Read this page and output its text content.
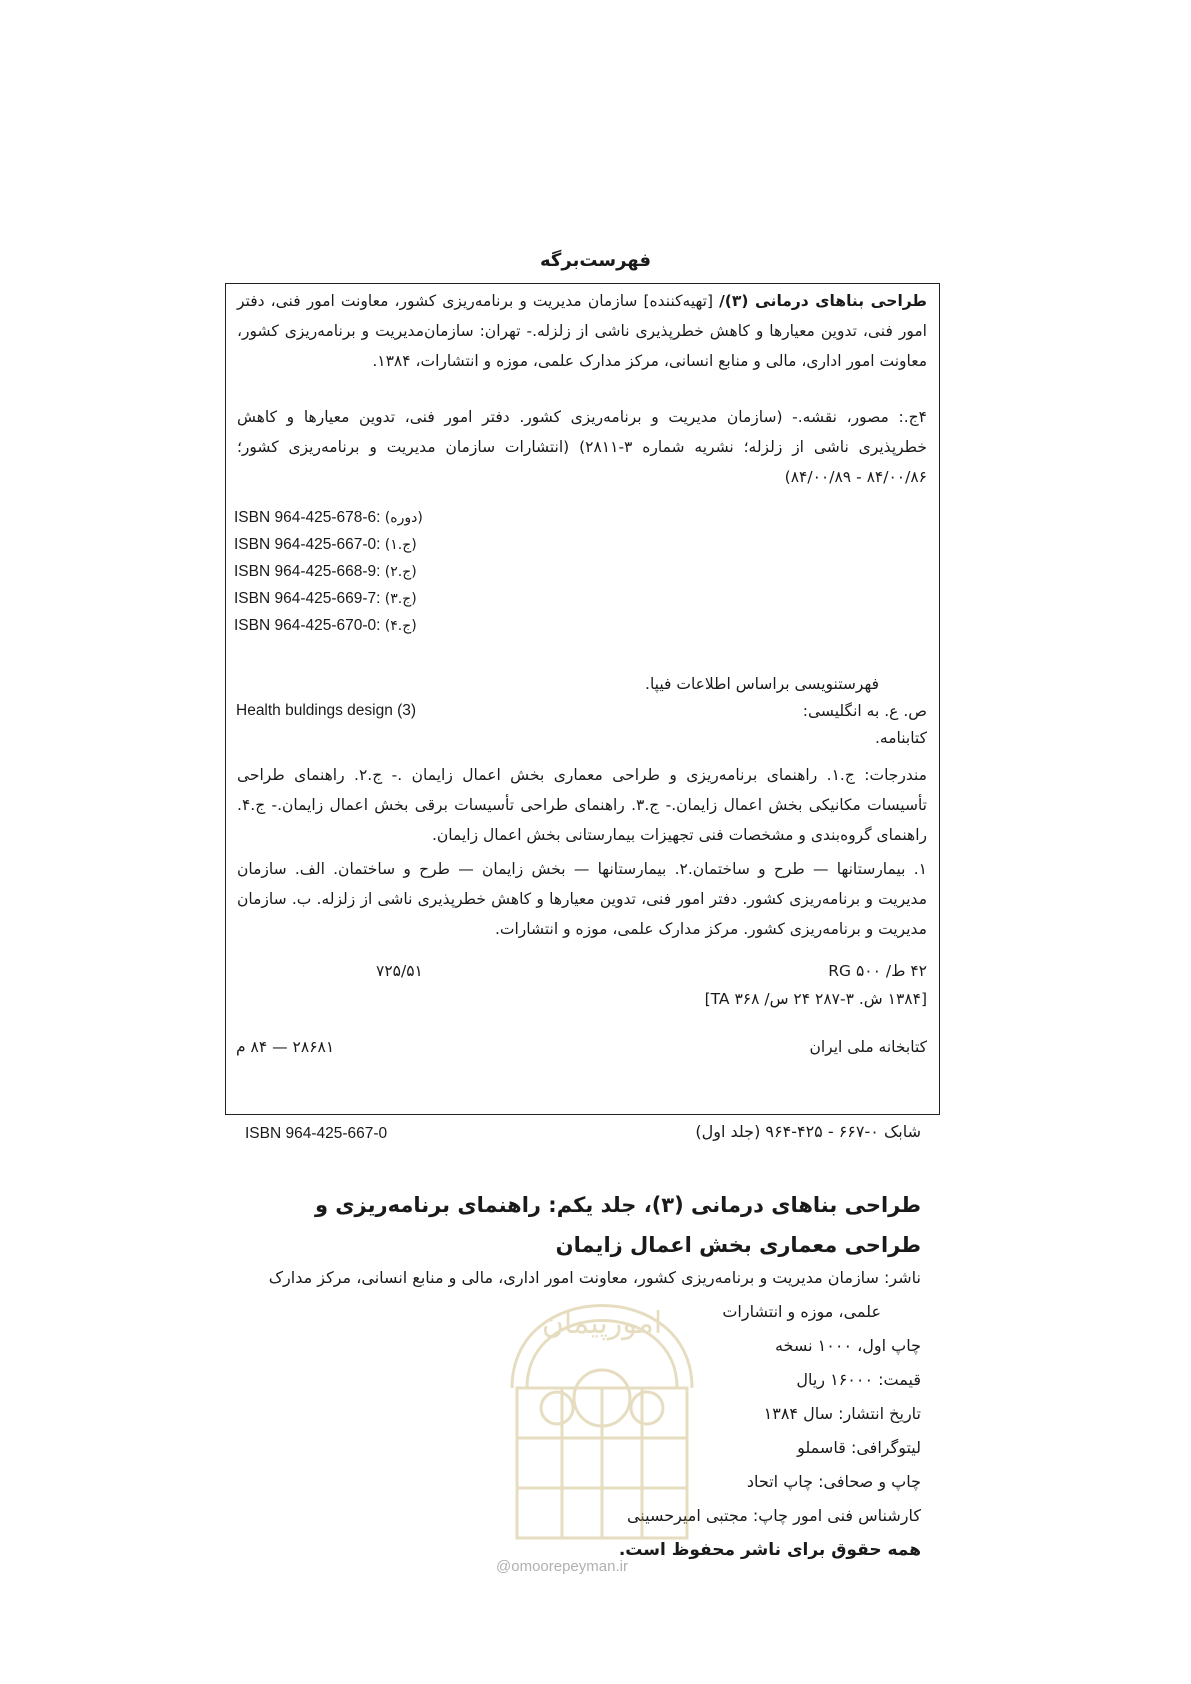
فهرست‌برگه
طراحی بناهای درمانی (۳)/ [تهیه‌کننده] سازمان مدیریت و برنامه‌ریزی کشور، معاونت امور فنی، دفتر امور فنی، تدوین معیارها و کاهش خطرپذیری ناشی از زلزله.- تهران: سازمان‌مدیریت و برنامه‌ریزی کشور، معاونت امور اداری، مالی و منابع انسانی، مرکز مدارک علمی، موزه و انتشارات، ۱۳۸۴.
۴ج.: مصور، نقشه.- (سازمان مدیریت و برنامه‌ریزی کشور. دفتر امور فنی، تدوین معیارها و کاهش خطرپذیری ناشی از زلزله؛ نشریه شماره ۳-۲۸۱۱) (انتشارات سازمان مدیریت و برنامه‌ریزی کشور؛ ۸۴/۰۰/۸۶ - ۸۴/۰۰/۸۹)
ISBN 964-425-678-6: (دوره)
ISBN 964-425-667-0: (ج.۱)
ISBN 964-425-668-9: (ج.۲)
ISBN 964-425-669-7: (ج.۳)
ISBN 964-425-670-0: (ج.۴)
فهرستنویسی براساس اطلاعات فیپا.
ص. ع. به انگلیسی:
Health buldings design (3)
کتابنامه.
مندرجات: ج.۱. راهنمای برنامه‌ریزی و طراحی معماری بخش اعمال زایمان .- ج.۲. راهنمای طراحی تأسیسات مکانیکی بخش اعمال زایمان.- ج.۳. راهنمای طراحی تأسیسات برقی بخش اعمال زایمان.- ج.۴. راهنمای گروه‌بندی و مشخصات فنی تجهیزات بیمارستانی بخش اعمال زایمان.
۱. بیمارستانها — طرح و ساختمان.۲. بیمارستانها — بخش زایمان — طرح و ساختمان. الف. سازمان مدیریت و برنامه‌ریزی کشور. دفتر امور فنی، تدوین معیارها و کاهش خطرپذیری ناشی از زلزله. ب. سازمان مدیریت و برنامه‌ریزی کشور. مرکز مدارک علمی، موزه و انتشارات.
۷۲۵/۵۱	۴۲ ط/ ۵۰۰ RG
[۱۳۸۴ ش. ۳-۲۸۷ ۲۴ س/ ۳۶۸ TA]
کتابخانه ملی ایران
۲۸۶۸۱ — ۸۴ م
شابک ۰-۶۶۷ - ۴۲۵-۹۶۴ (جلد اول)
ISBN 964-425-667-0
طراحی بناهای درمانی (۳)، جلد یکم: راهنمای برنامه‌ریزی و طراحی معماری بخش اعمال زایمان
ناشر: سازمان مدیریت و برنامه‌ریزی کشور، معاونت امور اداری، مالی و منابع انسانی، مرکز مدارک
علمی، موزه و انتشارات
چاپ اول، ۱۰۰۰ نسخه
قیمت: ۱۶۰۰۰ ریال
تاریخ انتشار: سال ۱۳۸۴
لیتوگرافی: قاسملو
چاپ و صحافی: چاپ اتحاد
کارشناس فنی امور چاپ: مجتبی امیرحسینی
همه حقوق برای ناشر محفوظ است.
امورپیمان
@omoorepeyman.ir
